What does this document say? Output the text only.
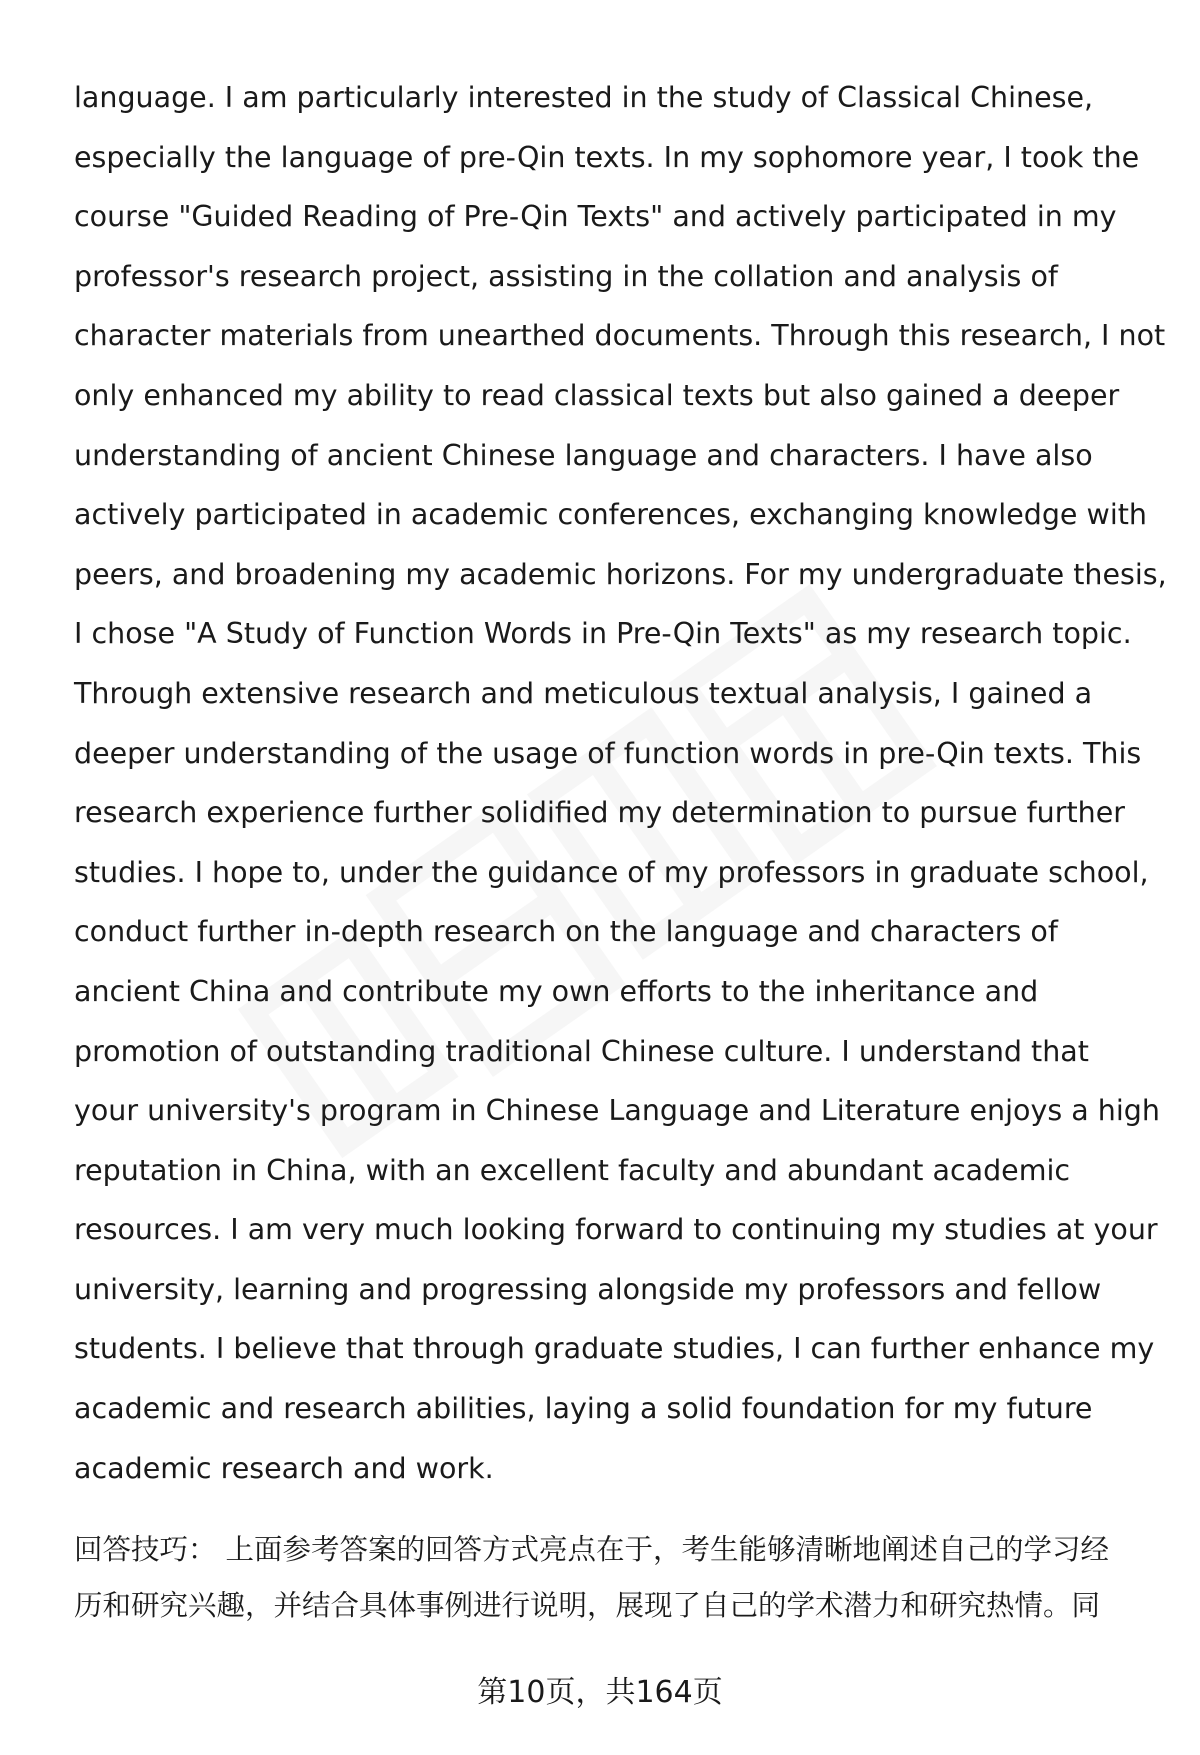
language. I am particularly interested in the study of Classical Chinese,
especially the language of pre-Qin texts. In my sophomore year, I took the
course "Guided Reading of Pre-Qin Texts" and actively participated in my
professor's research project, assisting in the collation and analysis of
character materials from unearthed documents. Through this research, I not
only enhanced my ability to read classical texts but also gained a deeper
understanding of ancient Chinese language and characters. I have also
actively participated in academic conferences, exchanging knowledge with
peers, and broadening my academic horizons. For my undergraduate thesis,
I chose "A Study of Function Words in Pre-Qin Texts" as my research topic.
Through extensive research and meticulous textual analysis, I gained a
deeper understanding of the usage of function words in pre-Qin texts. This
research experience further solidified my determination to pursue further
studies. I hope to, under the guidance of my professors in graduate school,
conduct further in-depth research on the language and characters of
ancient China and contribute my own efforts to the inheritance and
promotion of outstanding traditional Chinese culture. I understand that
your university's program in Chinese Language and Literature enjoys a high
reputation in China, with an excellent faculty and abundant academic
resources. I am very much looking forward to continuing my studies at your
university, learning and progressing alongside my professors and fellow
students. I believe that through graduate studies, I can further enhance my
academic and research abilities, laying a solid foundation for my future
academic research and work.
回答技巧： 上面参考答案的回答方式亮点在于，考生能够清晰地阐述自己的学习经
历和研究兴趣，并结合具体事例进行说明，展现了自己的学术潜力和研究热情。同
第10页，共164页
